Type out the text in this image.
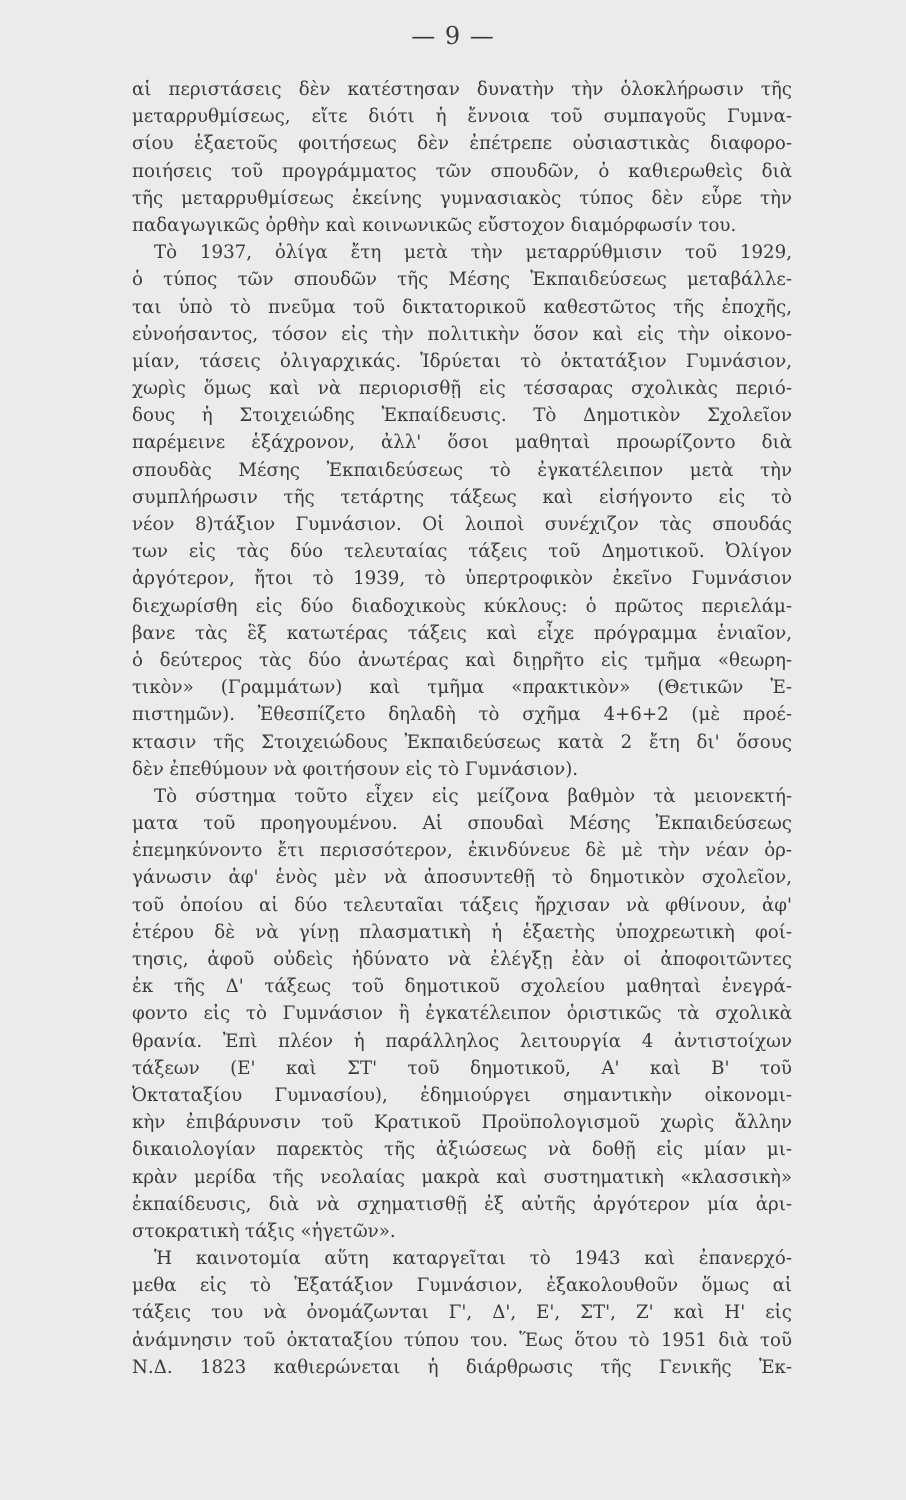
— 9 —
αἱ περιστάσεις δὲν κατέστησαν δυνατὴν τὴν ὁλοκλήρωσιν τῆς
μεταρρυθμίσεως, εἴτε διότι ἡ ἔννοια τοῦ συμπαγοῦς Γυμνα-
σίου ἑξαετοῦς φοιτήσεως δὲν ἐπέτρεπε οὐσιαστικὰς διαφορο-
ποιήσεις τοῦ προγράμματος τῶν σπουδῶν, ὁ καθιερωθεὶς διὰ
τῆς μεταρρυθμίσεως ἐκείνης γυμνασιακὸς τύπος δὲν εὗρε τὴν
παδαγωγικῶς ὀρθὴν καὶ κοινωνικῶς εὔστοχον διαμόρφωσίν του.
Τὸ 1937, ὀλίγα ἔτη μετὰ τὴν μεταρρύθμισιν τοῦ 1929,
ὁ τύπος τῶν σπουδῶν τῆς Μέσης Ἐκπαιδεύσεως μεταβάλλε-
ται ὑπὸ τὸ πνεῦμα τοῦ δικτατορικοῦ καθεστῶτος τῆς ἐποχῆς,
εὐνοήσαντος, τόσον εἰς τὴν πολιτικὴν ὅσον καὶ εἰς τὴν οἰκονο-
μίαν, τάσεις ὀλιγαρχικάς. Ἱδρύεται τὸ ὀκτατάξιον Γυμνάσιον,
χωρὶς ὅμως καὶ νὰ περιορισθῇ εἰς τέσσαρας σχολικὰς περιό-
δους ἡ Στοιχειώδης Ἐκπαίδευσις. Τὸ Δημοτικὸν Σχολεῖον
παρέμεινε ἑξάχρονον, ἀλλ' ὅσοι μαθηταὶ προωρίζοντο διὰ
σπουδὰς Μέσης Ἐκπαιδεύσεως τὸ ἐγκατέλειπον μετὰ τὴν
συμπλήρωσιν τῆς τετάρτης τάξεως καὶ εἰσήγοντο εἰς τὸ
νέον 8)τάξιον Γυμνάσιον. Οἱ λοιποὶ συνέχιζον τὰς σπουδάς
των εἰς τὰς δύο τελευταίας τάξεις τοῦ Δημοτικοῦ. Ὀλίγον
ἀργότερον, ἤτοι τὸ 1939, τὸ ὑπερτροφικὸν ἐκεῖνο Γυμνάσιον
διεχωρίσθη εἰς δύο διαδοχικοὺς κύκλους: ὁ πρῶτος περιελάμ-
βανε τὰς ἓξ κατωτέρας τάξεις καὶ εἶχε πρόγραμμα ἑνιαῖον,
ὁ δεύτερος τὰς δύο ἀνωτέρας καὶ διῃρῆτο εἰς τμῆμα «θεωρη-
τικὸν» (Γραμμάτων) καὶ τμῆμα «πρακτικὸν» (Θετικῶν Ἐ-
πιστημῶν). Ἐθεσπίζετο δηλαδὴ τὸ σχῆμα 4+6+2 (μὲ προέ-
κτασιν τῆς Στοιχειώδους Ἐκπαιδεύσεως κατὰ 2 ἔτη δι' ὅσους
δὲν ἐπεθύμουν νὰ φοιτήσουν εἰς τὸ Γυμνάσιον).
Τὸ σύστημα τοῦτο εἶχεν εἰς μείζονα βαθμὸν τὰ μειονεκτή-
ματα τοῦ προηγουμένου. Αἱ σπουδαὶ Μέσης Ἐκπαιδεύσεως
ἐπεμηκύνοντο ἔτι περισσότερον, ἐκινδύνευε δὲ μὲ τὴν νέαν ὀρ-
γάνωσιν ἀφ' ἑνὸς μὲν νὰ ἀποσυντεθῇ τὸ δημοτικὸν σχολεῖον,
τοῦ ὁποίου αἱ δύο τελευταῖαι τάξεις ἤρχισαν νὰ φθίνουν, ἀφ'
ἑτέρου δὲ νὰ γίνῃ πλασματικὴ ἡ ἑξαετὴς ὑποχρεωτικὴ φοί-
τησις, ἀφοῦ οὐδεὶς ἠδύνατο νὰ ἐλέγξῃ ἐὰν οἱ ἀποφοιτῶντες
ἐκ τῆς Δ' τάξεως τοῦ δημοτικοῦ σχολείου μαθηταὶ ἐνεγρά-
φοντο εἰς τὸ Γυμνάσιον ἢ ἐγκατέλειπον ὁριστικῶς τὰ σχολικὰ
θρανία. Ἐπὶ πλέον ἡ παράλληλος λειτουργία 4 ἀντιστοίχων
τάξεων (Ε' καὶ ΣΤ' τοῦ δημοτικοῦ, Α' καὶ Β' τοῦ
Ὀκταταξίου Γυμνασίου), ἐδημιούργει σημαντικὴν οἰκονομι-
κὴν ἐπιβάρυνσιν τοῦ Κρατικοῦ Προϋπολογισμοῦ χωρὶς ἄλλην
δικαιολογίαν παρεκτὸς τῆς ἀξιώσεως νὰ δοθῇ εἰς μίαν μι-
κρὰν μερίδα τῆς νεολαίας μακρὰ καὶ συστηματικὴ «κλασσικὴ»
ἐκπαίδευσις, διὰ νὰ σχηματισθῇ ἐξ αὐτῆς ἀργότερον μία ἀρι-
στοκρατικὴ τάξις «ἡγετῶν».
Ἡ καινοτομία αὕτη καταργεῖται τὸ 1943 καὶ ἐπανερχό-
μεθα εἰς τὸ Ἑξατάξιον Γυμνάσιον, ἐξακολουθοῦν ὅμως αἱ
τάξεις του νὰ ὀνομάζωνται Γ', Δ', Ε', ΣΤ', Ζ' καὶ Η' εἰς
ἀνάμνησιν τοῦ ὀκταταξίου τύπου του. Ἕως ὅτου τὸ 1951 διὰ τοῦ
Ν.Δ. 1823 καθιερώνεται ἡ διάρθρωσις τῆς Γενικῆς Ἐκ-
